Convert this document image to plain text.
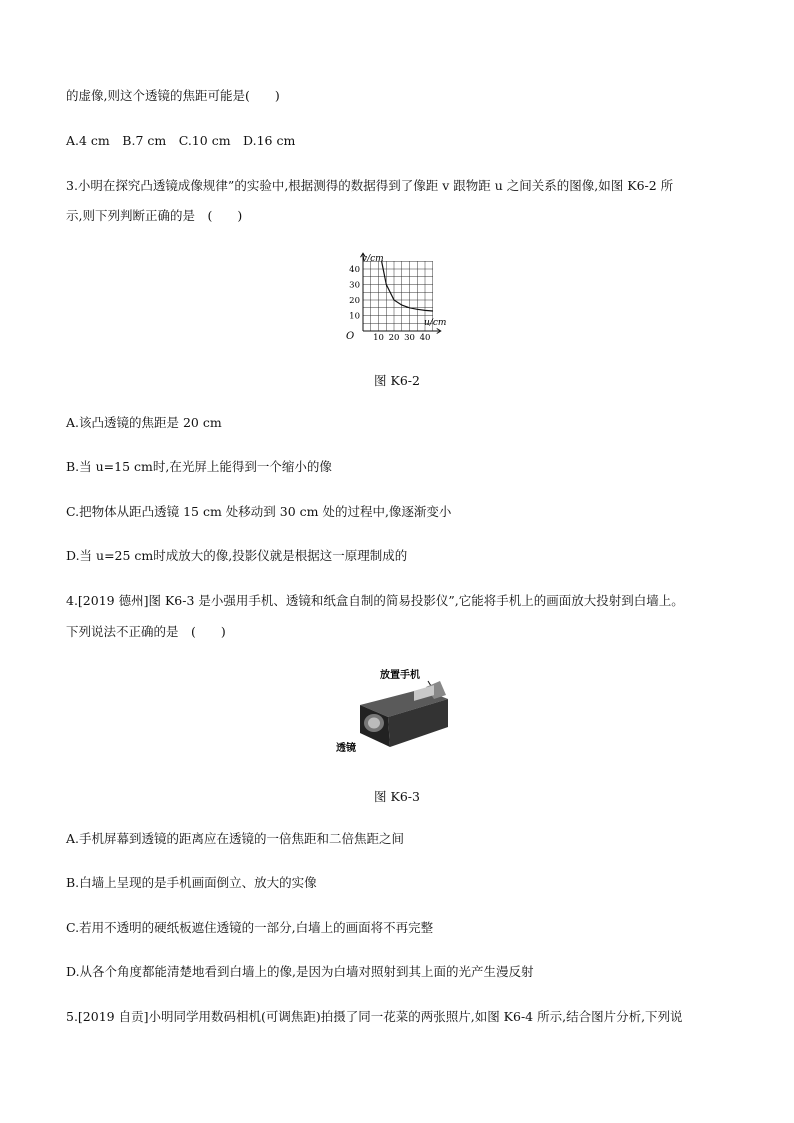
的虚像,则这个透镜的焦距可能是(　　)
A.4 cm　B.7 cm　C.10 cm　D.16 cm
3.小明在探究凸透镜成像规律”的实验中,根据测得的数据得到了像距 v 跟物距 u 之间关系的图像,如图 K6-2 所
示,则下列判断正确的是　(　　)
10 20 30 40
10
20
30
40
v/cm
u/cm
O
图 K6-2
A.该凸透镜的焦距是 20 cm
B.当 u=15 cm时,在光屏上能得到一个缩小的像
C.把物体从距凸透镜 15 cm 处移动到 30 cm 处的过程中,像逐渐变小
D.当 u=25 cm时成放大的像,投影仪就是根据这一原理制成的
4.[2019 德州]图 K6-3 是小强用手机、透镜和纸盒自制的简易投影仪”,它能将手机上的画面放大投射到白墙上。
下列说法不正确的是　(　　)
放置手机
透镜
图 K6-3
A.手机屏幕到透镜的距离应在透镜的一倍焦距和二倍焦距之间
B.白墙上呈现的是手机画面倒立、放大的实像
C.若用不透明的硬纸板遮住透镜的一部分,白墙上的画面将不再完整
D.从各个角度都能清楚地看到白墙上的像,是因为白墙对照射到其上面的光产生漫反射
5.[2019 自贡]小明同学用数码相机(可调焦距)拍摄了同一花菜的两张照片,如图 K6-4 所示,结合图片分析,下列说
